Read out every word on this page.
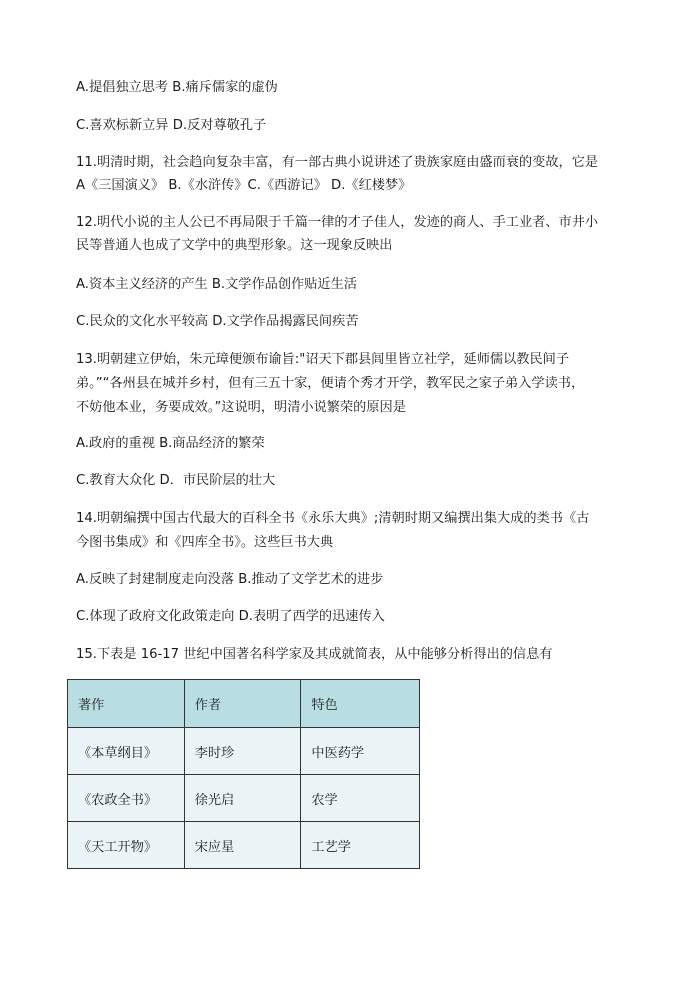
A.提倡独立思考 B.痛斥儒家的虚伪
C.喜欢标新立异 D.反对尊敬孔子
11.明清时期，社会趋向复杂丰富，有一部古典小说讲述了贵族家庭由盛而衰的变故，它是
A《三国演义》 B.《水浒传》C.《西游记》 D.《红楼梦》
12.明代小说的主人公已不再局限于千篇一律的才子佳人，发迹的商人、手工业者、市井小
民等普通人也成了文学中的典型形象。这一现象反映出
A.资本主义经济的产生 B.文学作品创作贴近生活
C.民众的文化水平较高 D.文学作品揭露民间疾苦
13.明朝建立伊始，朱元璋便颁布谕旨:"诏天下郡县闾里皆立社学，延师儒以教民间子
弟。”“各州县在城并乡村，但有三五十家，便请个秀才开学，教军民之家子弟入学读书，
不妨他本业，务要成效。”这说明，明清小说繁荣的原因是
A.政府的重视 B.商品经济的繁荣
C.教育大众化 D．市民阶层的壮大
14.明朝编撰中国古代最大的百科全书《永乐大典》;清朝时期又编撰出集大成的类书《古
今图书集成》和《四库全书》。这些巨书大典
A.反映了封建制度走向没落 B.推动了文学艺术的进步
C.体现了政府文化政策走向 D.表明了西学的迅速传入
15.下表是 16-17 世纪中国著名科学家及其成就简表，从中能够分析得出的信息有
著作	作者	特色
《本草纲目》	李时珍	中医药学
《农政全书》	徐光启	农学
《天工开物》	宋应星	工艺学
